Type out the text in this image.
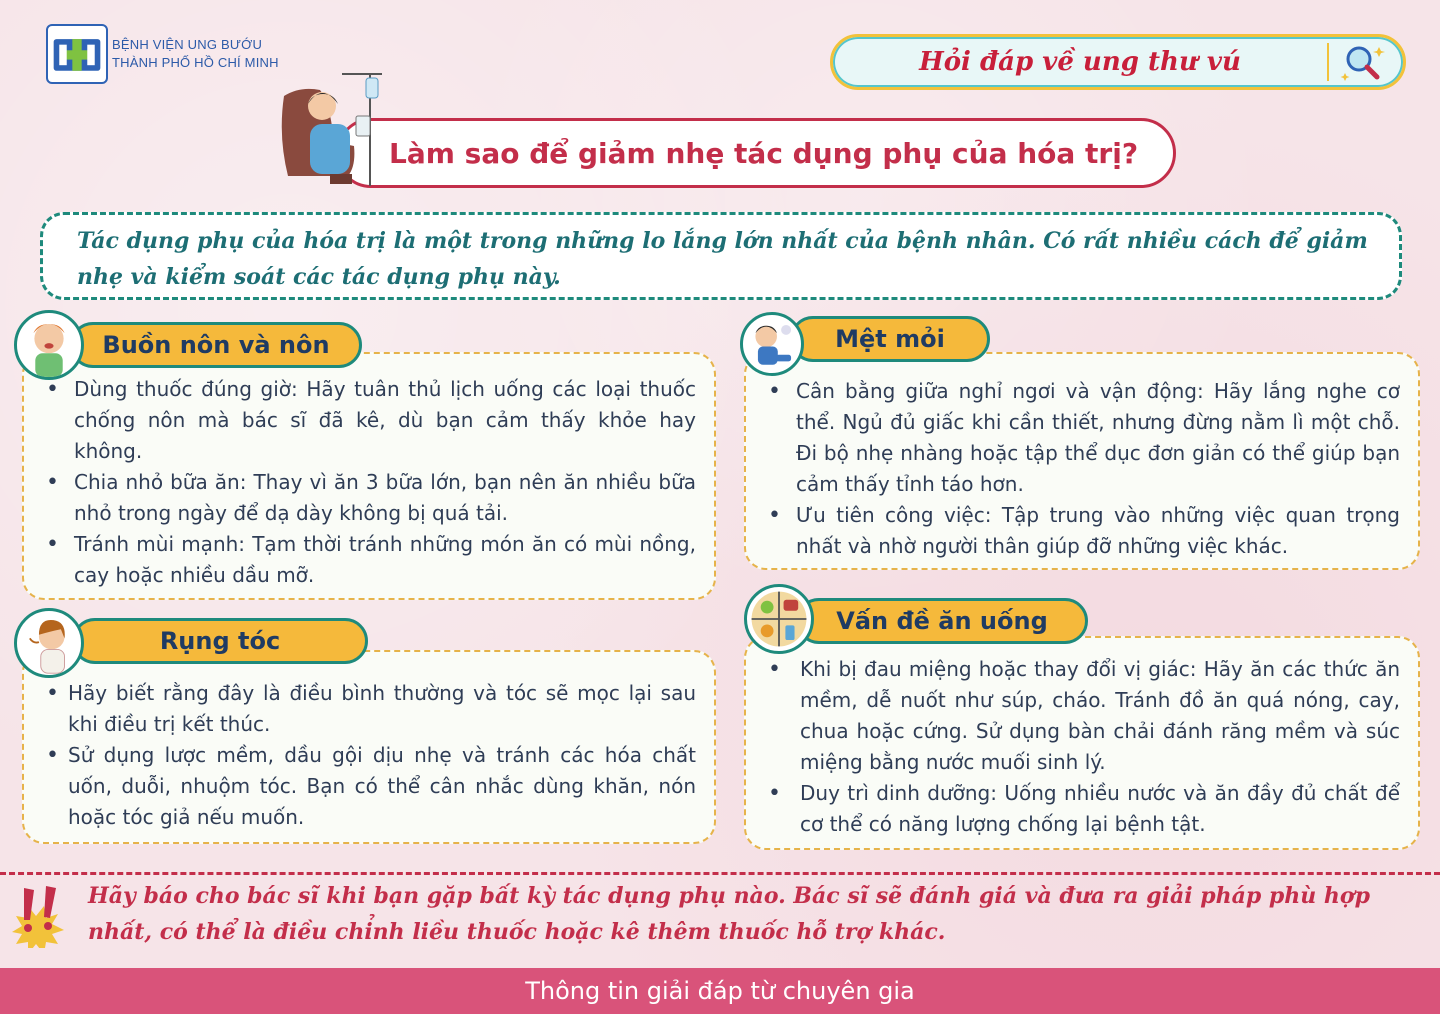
BỆNH VIỆN UNG BƯỚU
THÀNH PHỐ HỒ CHÍ MINH	Hỏi đáp về ung thư vú
Làm sao để giảm nhẹ tác dụng phụ của hóa trị?

Tác dụng phụ của hóa trị là một trong những lo lắng lớn nhất của bệnh nhân. Có rất nhiều cách để giảm nhẹ và kiểm soát các tác dụng phụ này.

• Dùng thuốc đúng giờ: Hãy tuân thủ lịch uống các loại thuốc chống nôn mà bác sĩ đã kê, dù bạn cảm thấy khỏe hay không.
• Chia nhỏ bữa ăn: Thay vì ăn 3 bữa lớn, bạn nên ăn nhiều bữa nhỏ trong ngày để dạ dày không bị quá tải.
• Tránh mùi mạnh: Tạm thời tránh những món ăn có mùi nồng, cay hoặc nhiều dầu mỡ.
Buồn nôn và nôn
• Cân bằng giữa nghỉ ngơi và vận động: Hãy lắng nghe cơ thể. Ngủ đủ giấc khi cần thiết, nhưng đừng nằm lì một chỗ. Đi bộ nhẹ nhàng hoặc tập thể dục đơn giản có thể giúp bạn cảm thấy tỉnh táo hơn.
• Ưu tiên công việc: Tập trung vào những việc quan trọng nhất và nhờ người thân giúp đỡ những việc khác.
Mệt mỏi
• Hãy biết rằng đây là điều bình thường và tóc sẽ mọc lại sau khi điều trị kết thúc.
• Sử dụng lược mềm, dầu gội dịu nhẹ và tránh các hóa chất uốn, duỗi, nhuộm tóc. Bạn có thể cân nhắc dùng khăn, nón hoặc tóc giả nếu muốn.
Rụng tóc
• Khi bị đau miệng hoặc thay đổi vị giác: Hãy ăn các thức ăn mềm, dễ nuốt như súp, cháo. Tránh đồ ăn quá nóng, cay, chua hoặc cứng. Sử dụng bàn chải đánh răng mềm và súc miệng bằng nước muối sinh lý.
• Duy trì dinh dưỡng: Uống nhiều nước và ăn đầy đủ chất để cơ thể có năng lượng chống lại bệnh tật.
Vấn đề ăn uống
Hãy báo cho bác sĩ khi bạn gặp bất kỳ tác dụng phụ nào. Bác sĩ sẽ đánh giá và đưa ra giải pháp phù hợp nhất, có thể là điều chỉnh liều thuốc hoặc kê thêm thuốc hỗ trợ khác.
Thông tin giải đáp từ chuyên gia
